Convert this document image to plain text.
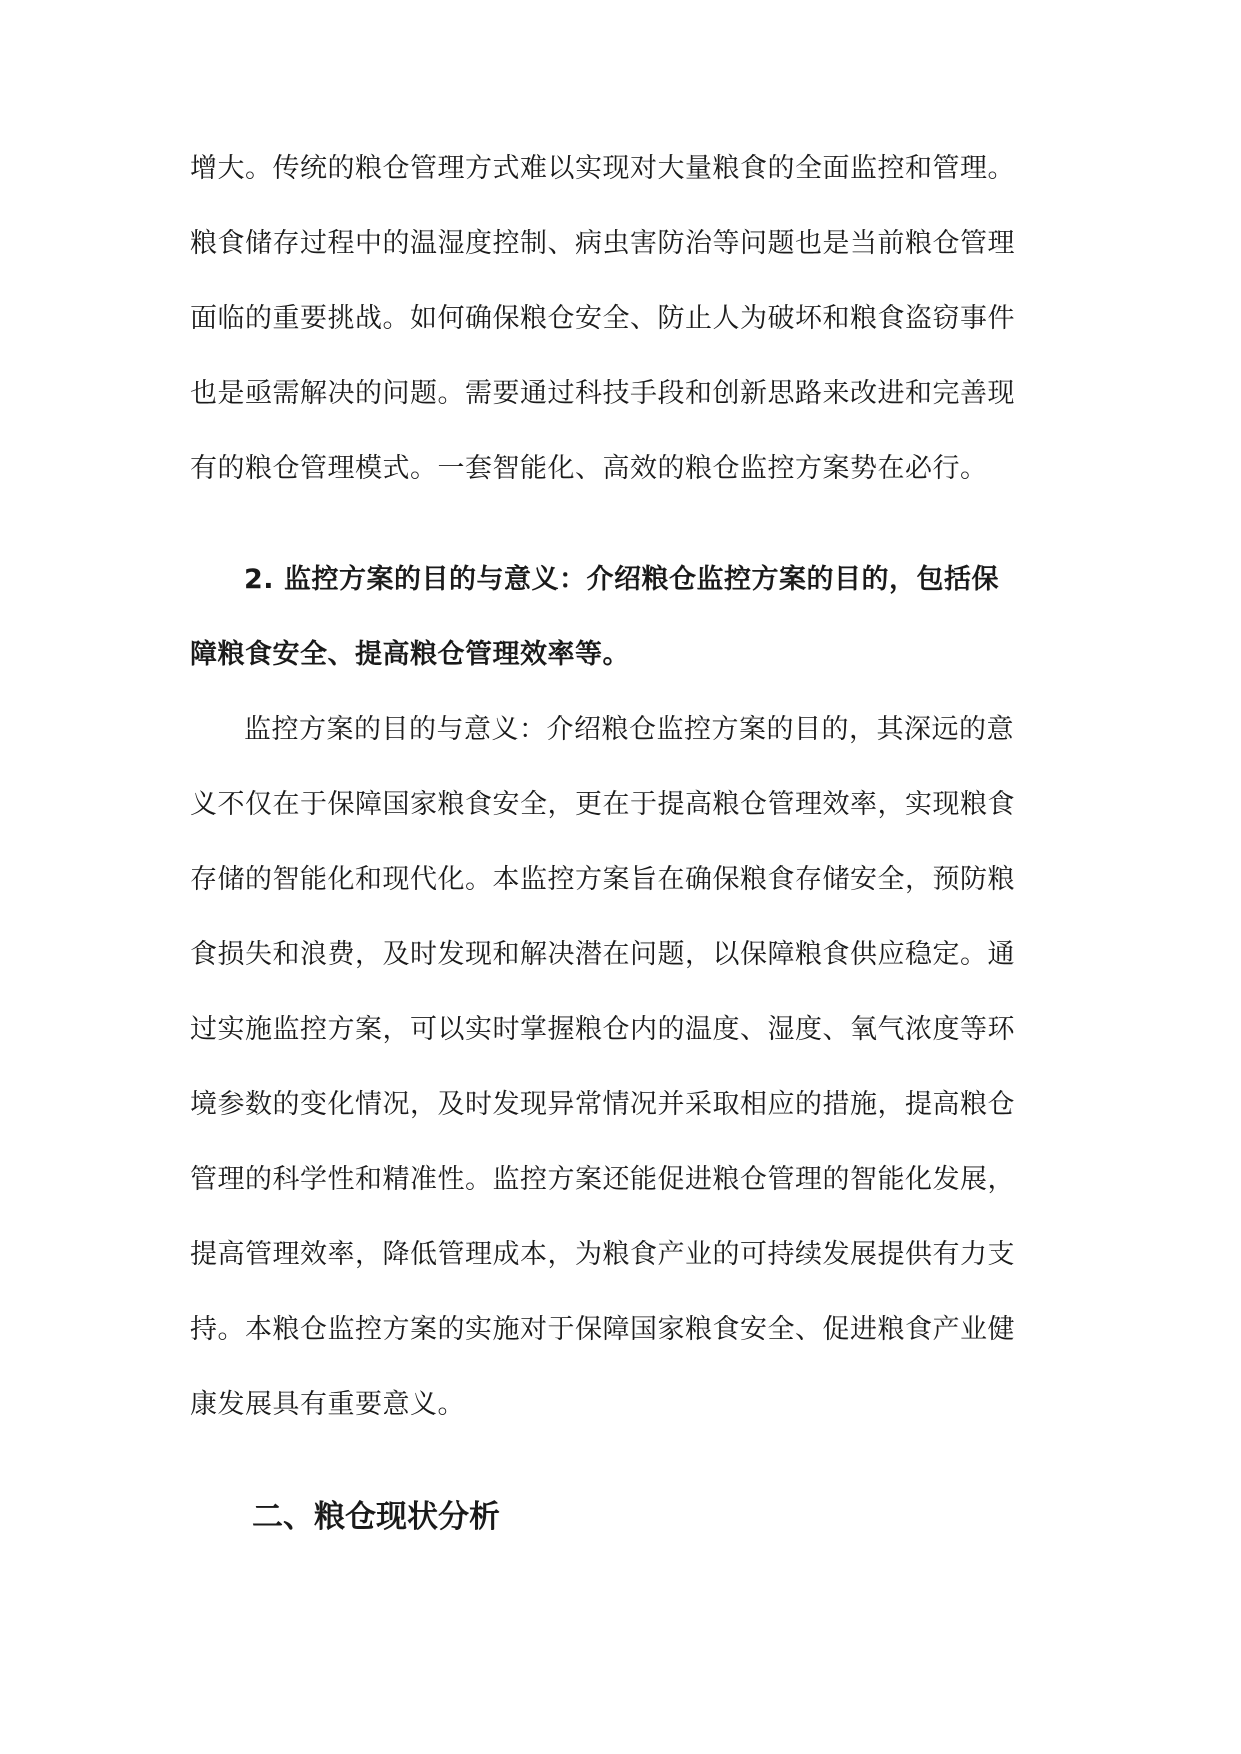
增大。传统的粮仓管理方式难以实现对大量粮食的全面监控和管理。
粮食储存过程中的温湿度控制、病虫害防治等问题也是当前粮仓管理
面临的重要挑战。如何确保粮仓安全、防止人为破坏和粮食盗窃事件
也是亟需解决的问题。需要通过科技手段和创新思路来改进和完善现
有的粮仓管理模式。一套智能化、高效的粮仓监控方案势在必行。
2. 监控方案的目的与意义：介绍粮仓监控方案的目的，包括保
障粮食安全、提高粮仓管理效率等。
监控方案的目的与意义：介绍粮仓监控方案的目的，其深远的意
义不仅在于保障国家粮食安全，更在于提高粮仓管理效率，实现粮食
存储的智能化和现代化。本监控方案旨在确保粮食存储安全，预防粮
食损失和浪费，及时发现和解决潜在问题，以保障粮食供应稳定。通
过实施监控方案，可以实时掌握粮仓内的温度、湿度、氧气浓度等环
境参数的变化情况，及时发现异常情况并采取相应的措施，提高粮仓
管理的科学性和精准性。监控方案还能促进粮仓管理的智能化发展，
提高管理效率，降低管理成本，为粮食产业的可持续发展提供有力支
持。本粮仓监控方案的实施对于保障国家粮食安全、促进粮食产业健
康发展具有重要意义。
二、粮仓现状分析
